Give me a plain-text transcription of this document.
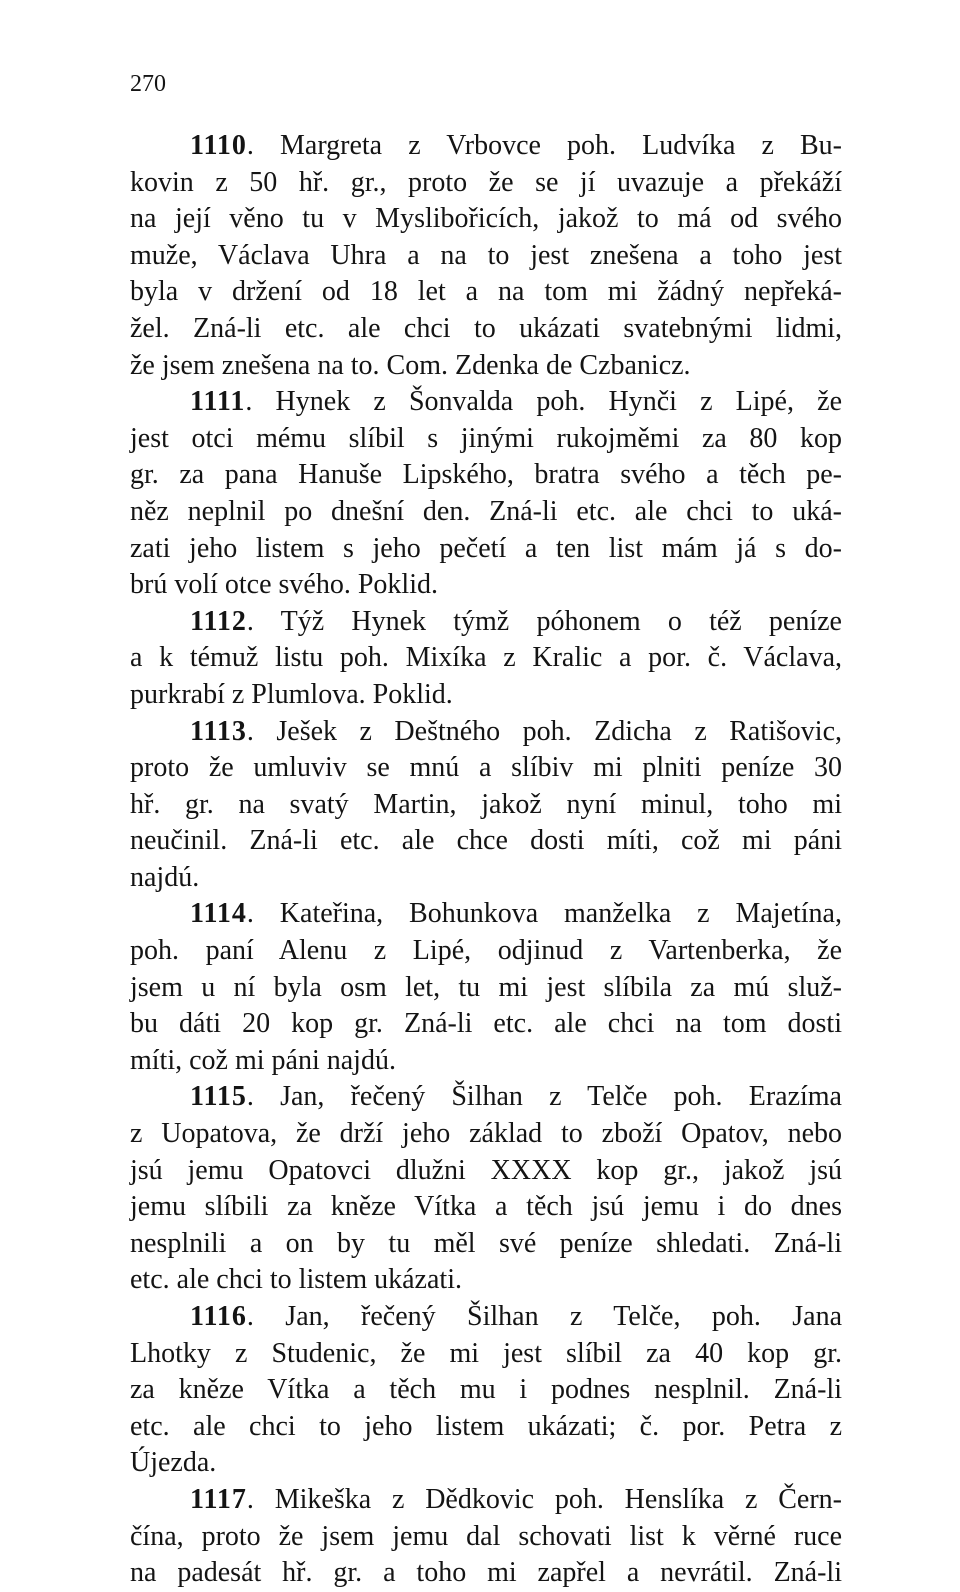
270
1110. Margreta z Vrbovce poh. Ludvíka z Bu-
kovin z 50 hř. gr., proto že se jí uvazuje a překáží
na její věno tu v Myslibořicích, jakož to má od svého
muže, Václava Uhra a na to jest znešena a toho jest
byla v držení od 18 let a na tom mi žádný nepřeká-
žel. Zná-li etc. ale chci to ukázati svatebnými lidmi,
že jsem znešena na to. Com. Zdenka de Czbanicz.
1111. Hynek z Šonvalda poh. Hynči z Lipé, že
jest otci mému slíbil s jinými rukojměmi za 80 kop
gr. za pana Hanuše Lipského, bratra svého a těch pe-
něz neplnil po dnešní den. Zná-li etc. ale chci to uká-
zati jeho listem s jeho pečetí a ten list mám já s do-
brú volí otce svého. Poklid.
1112. Týž Hynek týmž póhonem o též peníze
a k témuž listu poh. Mixíka z Kralic a por. č. Václava,
purkrabí z Plumlova. Poklid.
1113. Ješek z Deštného poh. Zdicha z Ratišovic,
proto že umluviv se mnú a slíbiv mi plniti peníze 30
hř. gr. na svatý Martin, jakož nyní minul, toho mi
neučinil. Zná-li etc. ale chce dosti míti, což mi páni
najdú.
1114. Kateřina, Bohunkova manželka z Majetína,
poh. paní Alenu z Lipé, odjinud z Vartenberka, že
jsem u ní byla osm let, tu mi jest slíbila za mú služ-
bu dáti 20 kop gr. Zná-li etc. ale chci na tom dosti
míti, což mi páni najdú.
1115. Jan, řečený Šilhan z Telče poh. Erazíma
z Uopatova, že drží jeho základ to zboží Opatov, nebo
jsú jemu Opatovci dlužni XXXX kop gr., jakož jsú
jemu slíbili za kněze Vítka a těch jsú jemu i do dnes
nesplnili a on by tu měl své peníze shledati. Zná-li
etc. ale chci to listem ukázati.
1116. Jan, řečený Šilhan z Telče, poh. Jana
Lhotky z Studenic, že mi jest slíbil za 40 kop gr.
za kněze Vítka a těch mu i podnes nesplnil. Zná-li
etc. ale chci to jeho listem ukázati; č. por. Petra z
Újezda.
1117. Mikeška z Dědkovic poh. Henslíka z Čern-
čína, proto že jsem jemu dal schovati list k věrné ruce
na padesát hř. gr. a toho mi zapřel a nevrátil. Zná-li
